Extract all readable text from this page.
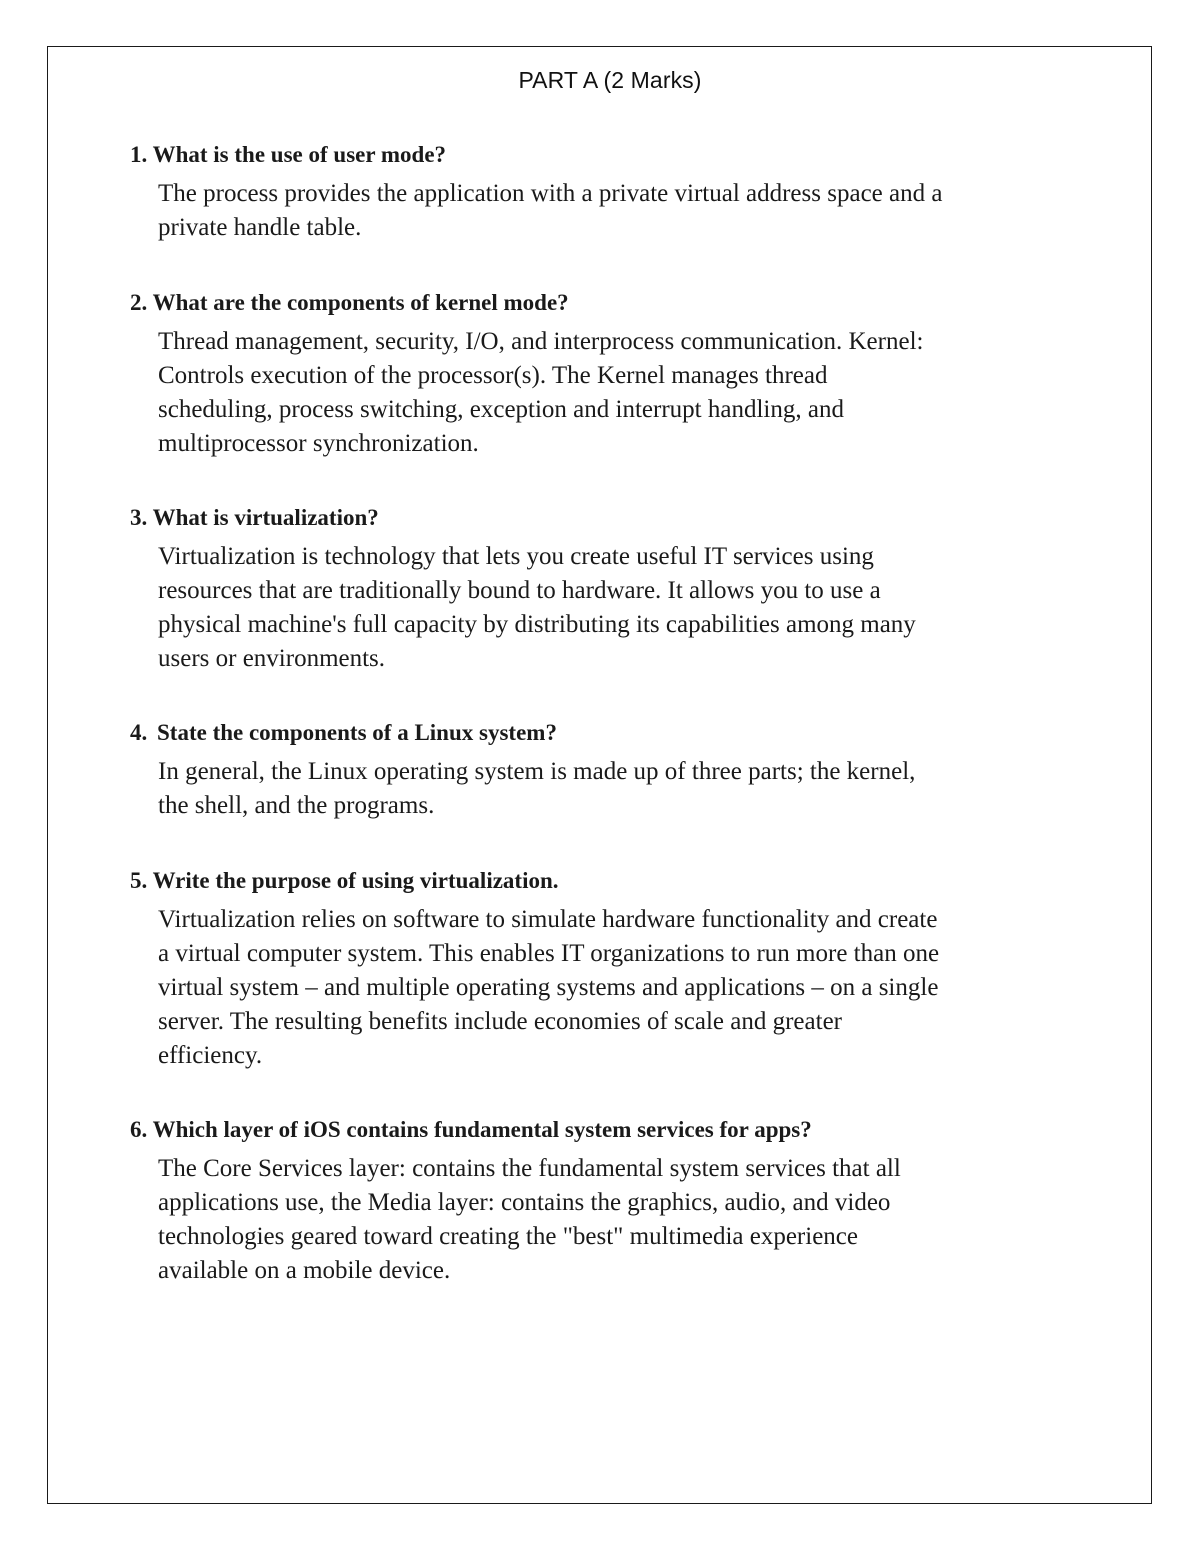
PART A (2 Marks)
1. What is the use of user mode?
The process provides the application with a private virtual address space and a
private handle table.
2. What are the components of kernel mode?
Thread management, security, I/O, and interprocess communication. Kernel:
Controls execution of the processor(s). The Kernel manages thread
scheduling, process switching, exception and interrupt handling, and
multiprocessor synchronization.
3. What is virtualization?
Virtualization is technology that lets you create useful IT services using
resources that are traditionally bound to hardware. It allows you to use a
physical machine's full capacity by distributing its capabilities among many
users or environments.
4. State the components of a Linux system?
In general, the Linux operating system is made up of three parts; the kernel,
the shell, and the programs.
5. Write the purpose of using virtualization.
Virtualization relies on software to simulate hardware functionality and create
a virtual computer system. This enables IT organizations to run more than one
virtual system – and multiple operating systems and applications – on a single
server. The resulting benefits include economies of scale and greater
efficiency.
6. Which layer of iOS contains fundamental system services for apps?
The Core Services layer: contains the fundamental system services that all
applications use, the Media layer: contains the graphics, audio, and video
technologies geared toward creating the "best" multimedia experience
available on a mobile device.
